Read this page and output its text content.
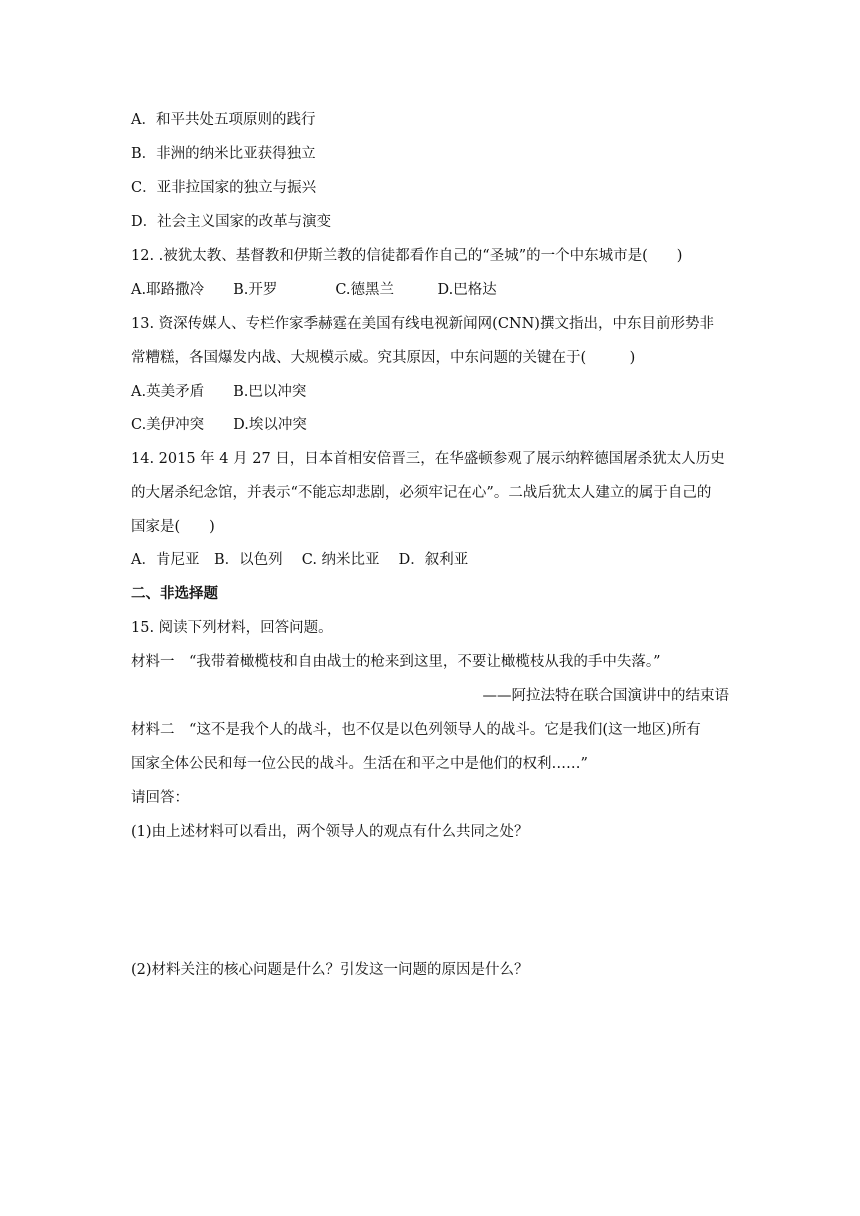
A．和平共处五项原则的践行
B．非洲的纳米比亚获得独立
C．亚非拉国家的独立与振兴
D．社会主义国家的改革与演变
12. .被犹太教、基督教和伊斯兰教的信徒都看作自己的“圣城”的一个中东城市是(　　)
A.耶路撒冷　　B.开罗　　　　C.德黑兰　　　D.巴格达
13. 资深传媒人、专栏作家季赫霆在美国有线电视新闻网(CNN)撰文指出，中东目前形势非
常糟糕，各国爆发内战、大规模示威。究其原因，中东问题的关键在于(　　　)
A.英美矛盾　　B.巴以冲突
C.美伊冲突　　D.埃以冲突
14. 2015 年 4 月 27 日，日本首相安倍晋三，在华盛顿参观了展示纳粹德国屠杀犹太人历史
的大屠杀纪念馆，并表示“不能忘却悲剧，必须牢记在心”。二战后犹太人建立的属于自己的
国家是(　　)
A．肯尼亚　B．以色列　 C. 纳米比亚　 D．叙利亚
二、非选择题
15. 阅读下列材料，回答问题。
材料一　“我带着橄榄枝和自由战士的枪来到这里，不要让橄榄枝从我的手中失落。”
——阿拉法特在联合国演讲中的结束语
材料二　“这不是我个人的战斗，也不仅是以色列领导人的战斗。它是我们(这一地区)所有
国家全体公民和每一位公民的战斗。生活在和平之中是他们的权利……”
请回答：
(1)由上述材料可以看出，两个领导人的观点有什么共同之处？
(2)材料关注的核心问题是什么？引发这一问题的原因是什么？
